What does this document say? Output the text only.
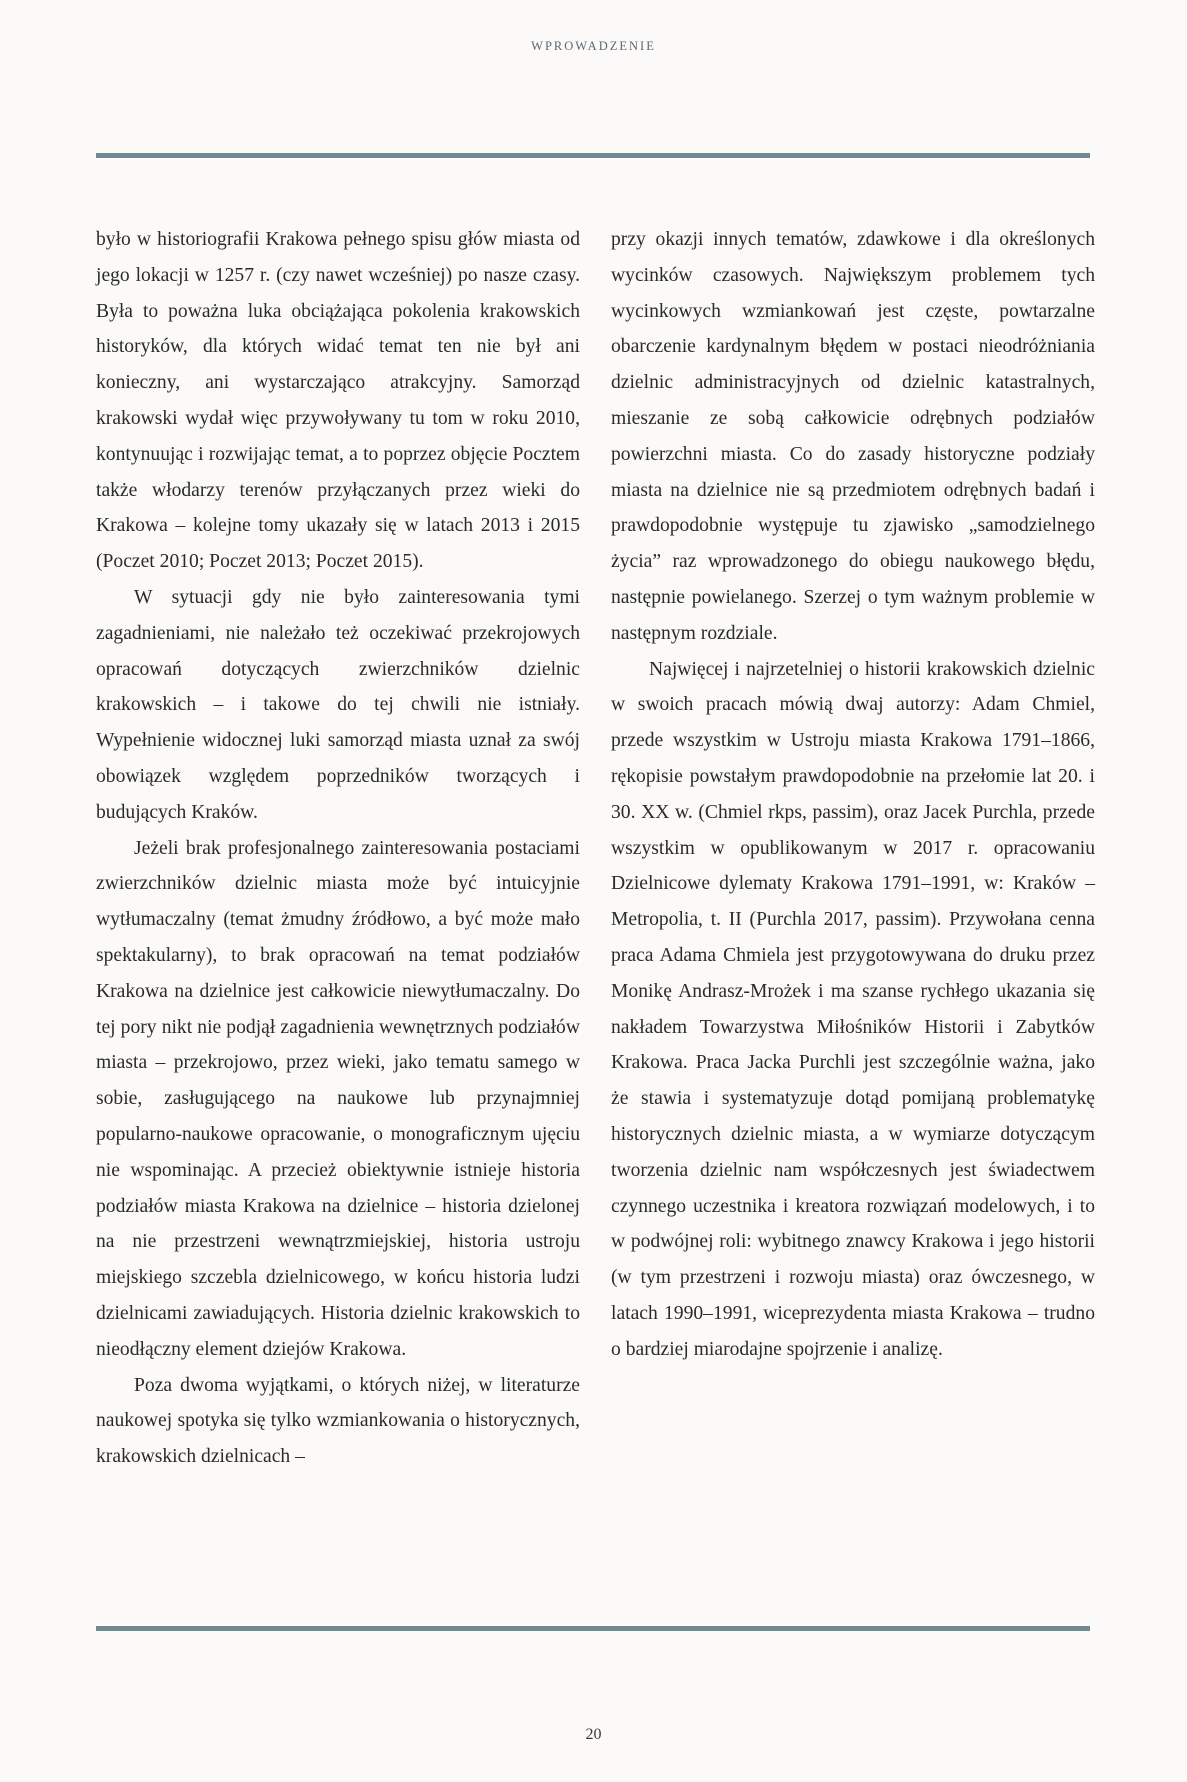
WPROWADZENIE

było w historiografii Krakowa pełnego spisu głów miasta od jego lokacji w 1257 r. (czy nawet wcześniej) po nasze czasy. Była to poważna luka obciążająca pokolenia krakowskich historyków, dla których widać temat ten nie był ani konieczny, ani wystarczająco atrakcyjny. Samorząd krakowski wydał więc przywoływany tu tom w roku 2010, kontynuując i rozwijając temat, a to poprzez objęcie Pocztem także włodarzy terenów przyłączanych przez wieki do Krakowa – kolejne tomy ukazały się w latach 2013 i 2015 (Poczet 2010; Poczet 2013; Poczet 2015).

W sytuacji gdy nie było zainteresowania tymi zagadnieniami, nie należało też oczekiwać przekrojowych opracowań dotyczących zwierzchników dzielnic krakowskich – i takowe do tej chwili nie istniały. Wypełnienie widocznej luki samorząd miasta uznał za swój obowiązek względem poprzedników tworzących i budujących Kraków.

Jeżeli brak profesjonalnego zainteresowania postaciami zwierzchników dzielnic miasta może być intuicyjnie wytłumaczalny (temat żmudny źródłowo, a być może mało spektakularny), to brak opracowań na temat podziałów Krakowa na dzielnice jest całkowicie niewytłumaczalny. Do tej pory nikt nie podjął zagadnienia wewnętrznych podziałów miasta – przekrojowo, przez wieki, jako tematu samego w sobie, zasługującego na naukowe lub przynajmniej popularno-naukowe opracowanie, o monograficznym ujęciu nie wspominając. A przecież obiektywnie istnieje historia podziałów miasta Krakowa na dzielnice – historia dzielonej na nie przestrzeni wewnątrzmiejskiej, historia ustroju miejskiego szczebla dzielnicowego, w końcu historia ludzi dzielnicami zawiadujących. Historia dzielnic krakowskich to nieodłączny element dziejów Krakowa.

Poza dwoma wyjątkami, o których niżej, w literaturze naukowej spotyka się tylko wzmiankowania o historycznych, krakowskich dzielnicach –

przy okazji innych tematów, zdawkowe i dla określonych wycinków czasowych. Największym problemem tych wycinkowych wzmiankowań jest częste, powtarzalne obarczenie kardynalnym błędem w postaci nieodróżniania dzielnic administracyjnych od dzielnic katastralnych, mieszanie ze sobą całkowicie odrębnych podziałów powierzchni miasta. Co do zasady historyczne podziały miasta na dzielnice nie są przedmiotem odrębnych badań i prawdopodobnie występuje tu zjawisko „samodzielnego życia” raz wprowadzonego do obiegu naukowego błędu, następnie powielanego. Szerzej o tym ważnym problemie w następnym rozdziale.

Najwięcej i najrzetelniej o historii krakowskich dzielnic w swoich pracach mówią dwaj autorzy: Adam Chmiel, przede wszystkim w Ustroju miasta Krakowa 1791–1866, rękopisie powstałym prawdopodobnie na przełomie lat 20. i 30. XX w. (Chmiel rkps, passim), oraz Jacek Purchla, przede wszystkim w opublikowanym w 2017 r. opracowaniu Dzielnicowe dylematy Krakowa 1791–1991, w: Kraków – Metropolia, t. II (Purchla 2017, passim). Przywołana cenna praca Adama Chmiela jest przygotowywana do druku przez Monikę Andrasz-Mrożek i ma szanse rychłego ukazania się nakładem Towarzystwa Miłośników Historii i Zabytków Krakowa. Praca Jacka Purchli jest szczególnie ważna, jako że stawia i systematyzuje dotąd pomijaną problematykę historycznych dzielnic miasta, a w wymiarze dotyczącym tworzenia dzielnic nam współczesnych jest świadectwem czynnego uczestnika i kreatora rozwiązań modelowych, i to w podwójnej roli: wybitnego znawcy Krakowa i jego historii (w tym przestrzeni i rozwoju miasta) oraz ówczesnego, w latach 1990–1991, wiceprezydenta miasta Krakowa – trudno o bardziej miarodajne spojrzenie i analizę.

20
